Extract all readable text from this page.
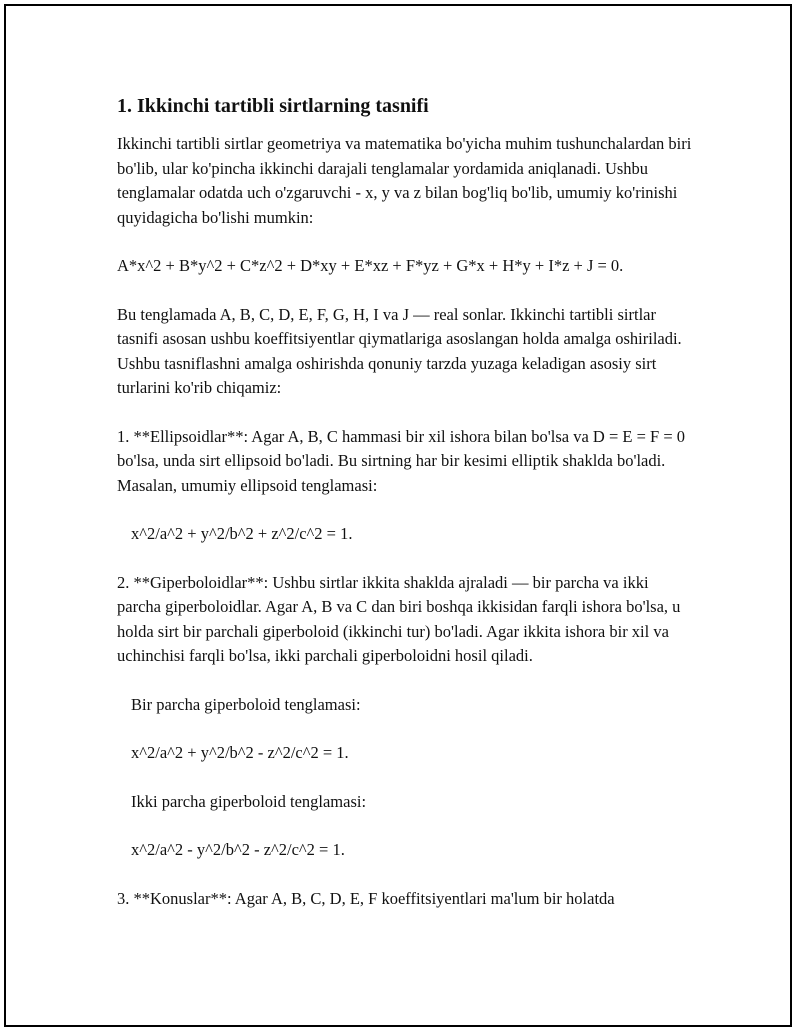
1. Ikkinchi tartibli sirtlarning tasnifi

Ikkinchi tartibli sirtlar geometriya va matematika bo'yicha muhim tushunchalardan biri bo'lib, ular ko'pincha ikkinchi darajali tenglamalar yordamida aniqlanadi. Ushbu tenglamalar odatda uch o'zgaruvchi - x, y va z bilan bog'liq bo'lib, umumiy ko'rinishi quyidagicha bo'lishi mumkin:

A*x^2 + B*y^2 + C*z^2 + D*xy + E*xz + F*yz + G*x + H*y + I*z + J = 0.

Bu tenglamada A, B, C, D, E, F, G, H, I va J — real sonlar. Ikkinchi tartibli sirtlar tasnifi asosan ushbu koeffitsiyentlar qiymatlariga asoslangan holda amalga oshiriladi. Ushbu tasniflashni amalga oshirishda qonuniy tarzda yuzaga keladigan asosiy sirt turlarini ko'rib chiqamiz:

1. **Ellipsoidlar**: Agar A, B, C hammasi bir xil ishora bilan bo'lsa va D = E = F = 0 bo'lsa, unda sirt ellipsoid bo'ladi. Bu sirtning har bir kesimi elliptik shaklda bo'ladi. Masalan, umumiy ellipsoid tenglamasi:

x^2/a^2 + y^2/b^2 + z^2/c^2 = 1.

2. **Giperboloidlar**: Ushbu sirtlar ikkita shaklda ajraladi — bir parcha va ikki parcha giperboloidlar. Agar A, B va C dan biri boshqa ikkisidan farqli ishora bo'lsa, u holda sirt bir parchali giperboloid (ikkinchi tur) bo'ladi. Agar ikkita ishora bir xil va uchinchisi farqli bo'lsa, ikki parchali giperboloidni hosil qiladi.

Bir parcha giperboloid tenglamasi:

x^2/a^2 + y^2/b^2 - z^2/c^2 = 1.

Ikki parcha giperboloid tenglamasi:

x^2/a^2 - y^2/b^2 - z^2/c^2 = 1.

3. **Konuslar**: Agar A, B, C, D, E, F koeffitsiyentlari ma'lum bir holatda
